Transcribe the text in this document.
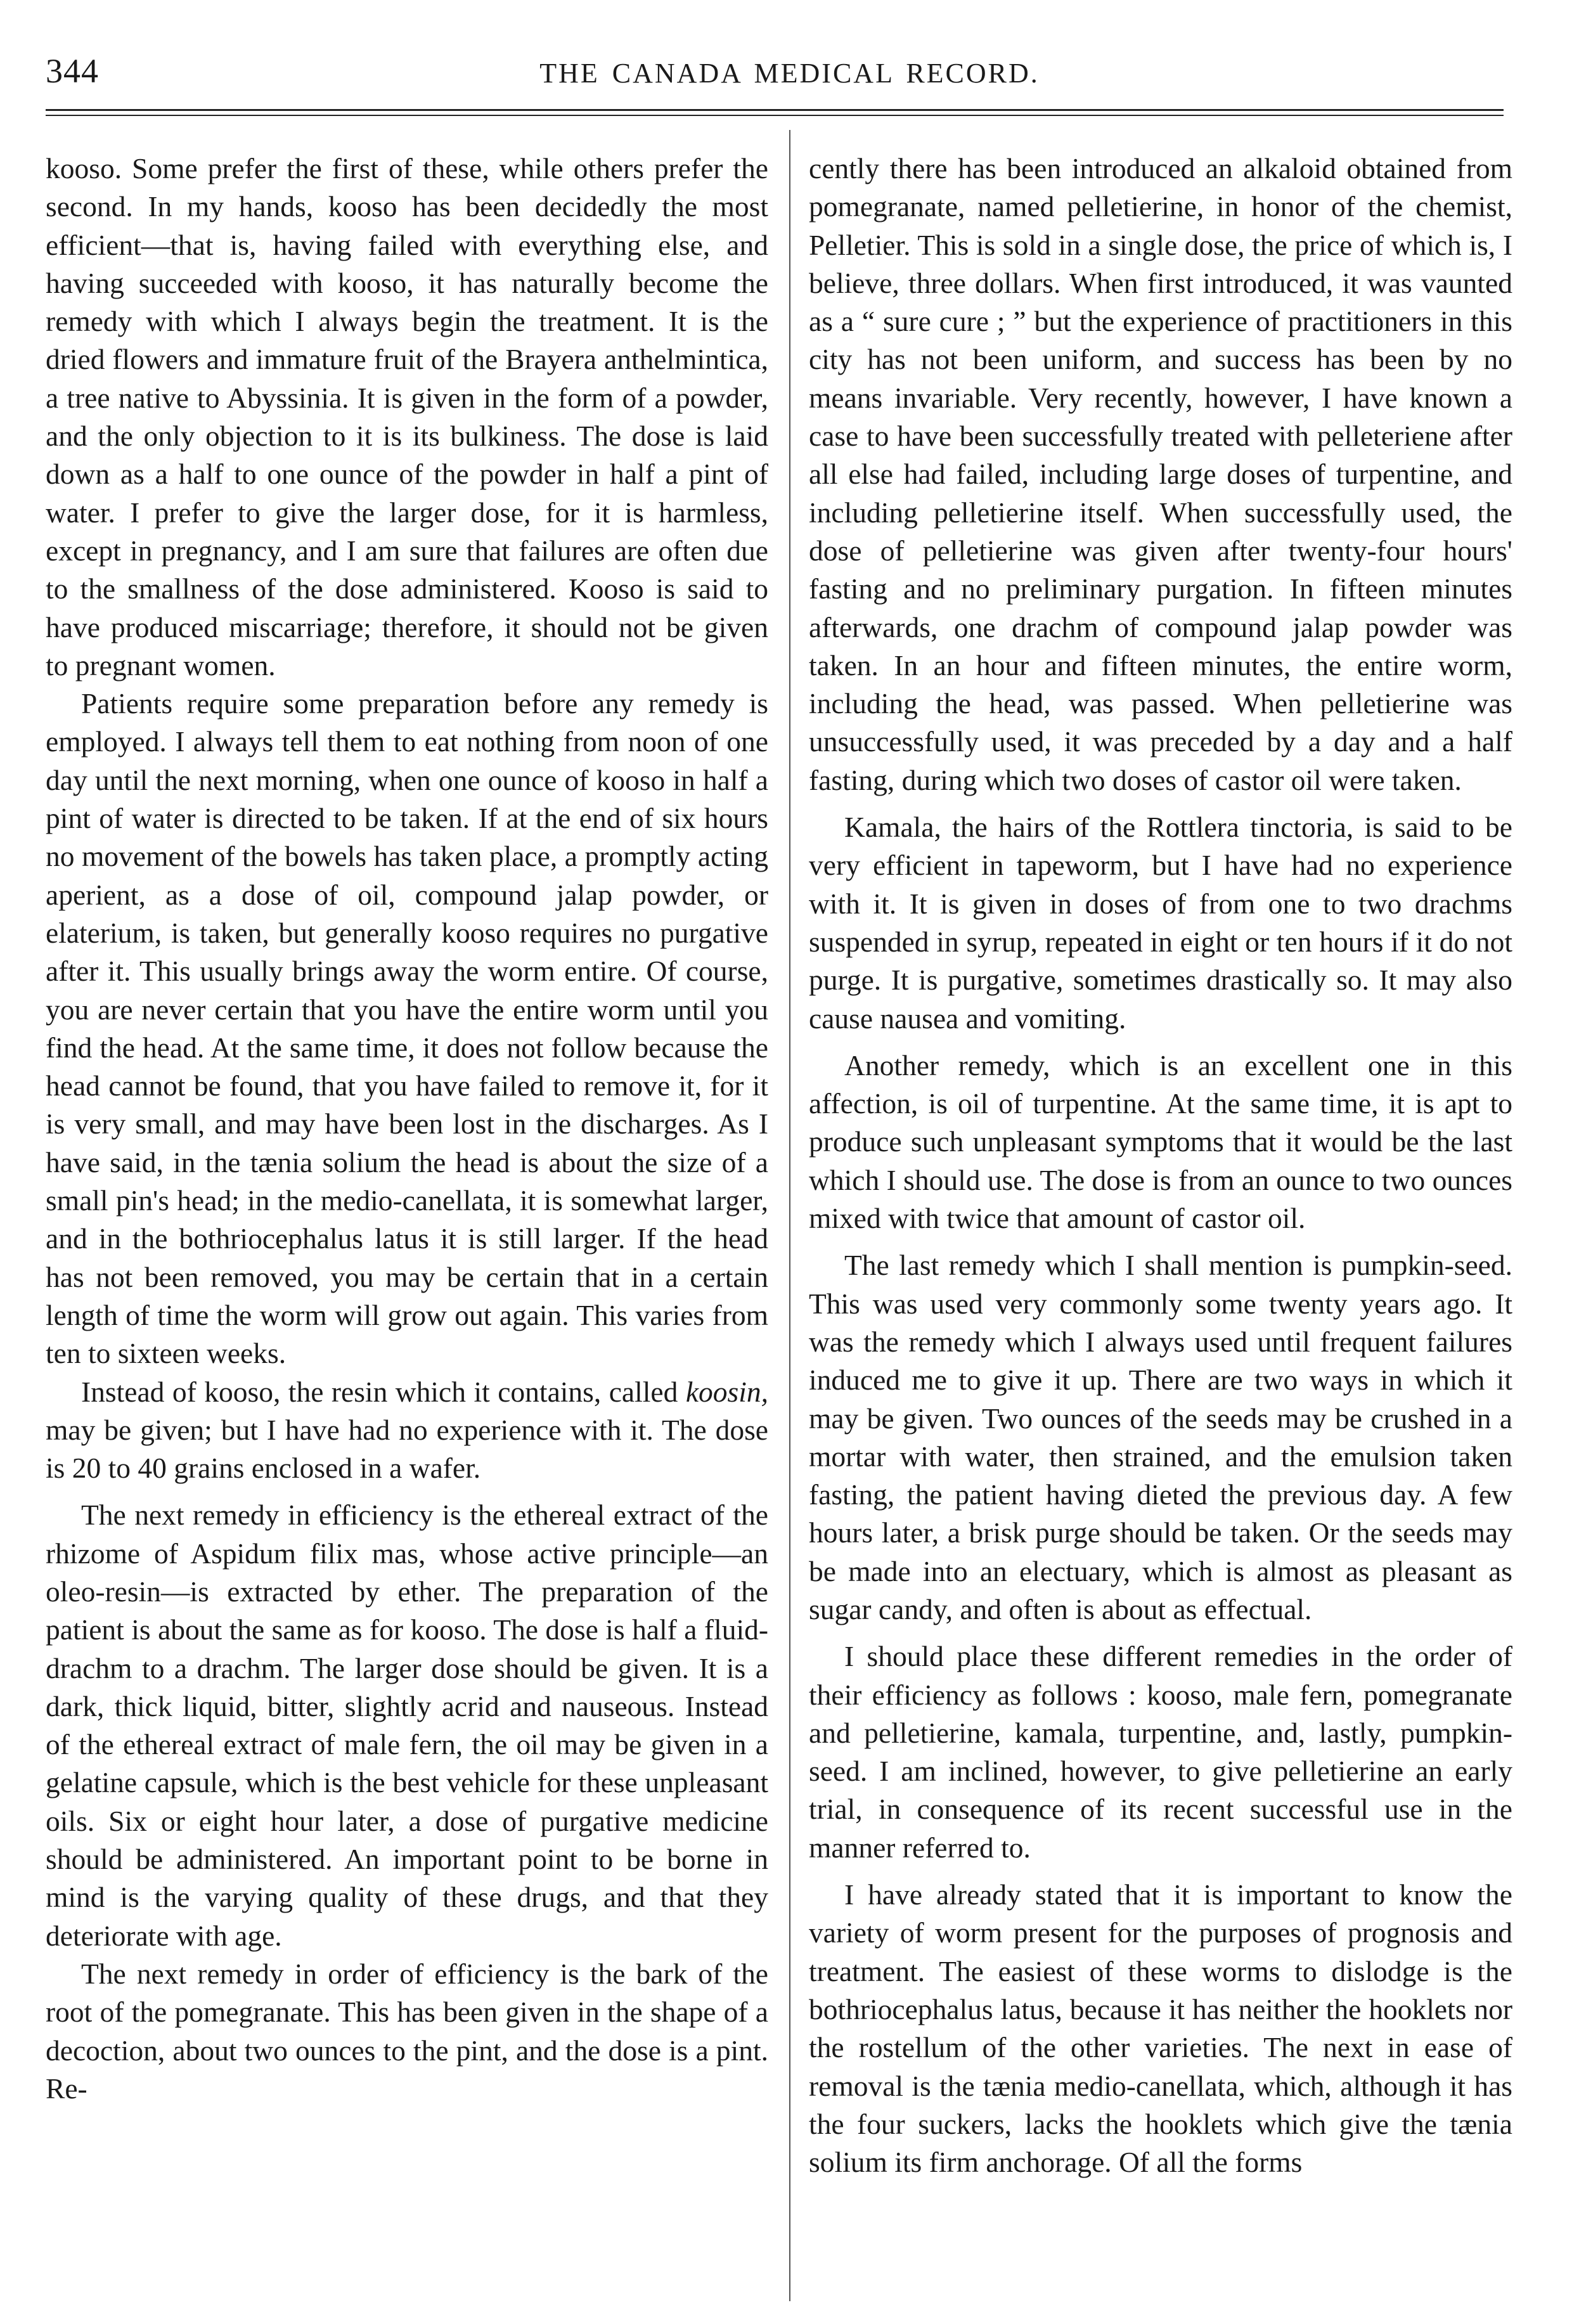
344	THE CANADA MEDICAL RECORD.

kooso. Some prefer the first of these, while others prefer the second. In my hands, kooso has been decidedly the most efficient—that is, having failed with everything else, and having succeeded with kooso, it has naturally become the remedy with which I always begin the treatment. It is the dried flowers and immature fruit of the Brayera anthelmintica, a tree native to Abyssinia. It is given in the form of a powder, and the only objection to it is its bulkiness. The dose is laid down as a half to one ounce of the powder in half a pint of water. I prefer to give the larger dose, for it is harmless, except in pregnancy, and I am sure that failures are often due to the smallness of the dose administered. Kooso is said to have produced miscarriage; therefore, it should not be given to pregnant women.

Patients require some preparation before any remedy is employed. I always tell them to eat nothing from noon of one day until the next morning, when one ounce of kooso in half a pint of water is directed to be taken. If at the end of six hours no movement of the bowels has taken place, a promptly acting aperient, as a dose of oil, compound jalap powder, or elaterium, is taken, but generally kooso requires no purgative after it. This usually brings away the worm entire. Of course, you are never certain that you have the entire worm until you find the head. At the same time, it does not follow because the head cannot be found, that you have failed to remove it, for it is very small, and may have been lost in the discharges. As I have said, in the tænia solium the head is about the size of a small pin's head; in the medio-canellata, it is somewhat larger, and in the bothriocephalus latus it is still larger. If the head has not been removed, you may be certain that in a certain length of time the worm will grow out again. This varies from ten to sixteen weeks.

Instead of kooso, the resin which it contains, called koosin, may be given; but I have had no experience with it. The dose is 20 to 40 grains enclosed in a wafer.

The next remedy in efficiency is the ethereal extract of the rhizome of Aspidum filix mas, whose active principle—an oleo-resin—is extracted by ether. The preparation of the patient is about the same as for kooso. The dose is half a fluid-drachm to a drachm. The larger dose should be given. It is a dark, thick liquid, bitter, slightly acrid and nauseous. Instead of the ethereal extract of male fern, the oil may be given in a gelatine capsule, which is the best vehicle for these unpleasant oils. Six or eight hour later, a dose of purgative medicine should be administered. An important point to be borne in mind is the varying quality of these drugs, and that they deteriorate with age.

The next remedy in order of efficiency is the bark of the root of the pomegranate. This has been given in the shape of a decoction, about two ounces to the pint, and the dose is a pint. Re-

cently there has been introduced an alkaloid obtained from pomegranate, named pelletierine, in honor of the chemist, Pelletier. This is sold in a single dose, the price of which is, I believe, three dollars. When first introduced, it was vaunted as a “ sure cure ; ” but the experience of practitioners in this city has not been uniform, and success has been by no means invariable. Very recently, however, I have known a case to have been successfully treated with pelleteriene after all else had failed, including large doses of turpentine, and including pelletierine itself. When successfully used, the dose of pelletierine was given after twenty-four hours' fasting and no preliminary purgation. In fifteen minutes afterwards, one drachm of compound jalap powder was taken. In an hour and fifteen minutes, the entire worm, including the head, was passed. When pelletierine was unsuccessfully used, it was preceded by a day and a half fasting, during which two doses of castor oil were taken.

Kamala, the hairs of the Rottlera tinctoria, is said to be very efficient in tapeworm, but I have had no experience with it. It is given in doses of from one to two drachms suspended in syrup, repeated in eight or ten hours if it do not purge. It is purgative, sometimes drastically so. It may also cause nausea and vomiting.

Another remedy, which is an excellent one in this affection, is oil of turpentine. At the same time, it is apt to produce such unpleasant symptoms that it would be the last which I should use. The dose is from an ounce to two ounces mixed with twice that amount of castor oil.

The last remedy which I shall mention is pumpkin-seed. This was used very commonly some twenty years ago. It was the remedy which I always used until frequent failures induced me to give it up. There are two ways in which it may be given. Two ounces of the seeds may be crushed in a mortar with water, then strained, and the emulsion taken fasting, the patient having dieted the previous day. A few hours later, a brisk purge should be taken. Or the seeds may be made into an electuary, which is almost as pleasant as sugar candy, and often is about as effectual.

I should place these different remedies in the order of their efficiency as follows : kooso, male fern, pomegranate and pelletierine, kamala, turpentine, and, lastly, pumpkin-seed. I am inclined, however, to give pelletierine an early trial, in consequence of its recent successful use in the manner referred to.

I have already stated that it is important to know the variety of worm present for the purposes of prognosis and treatment. The easiest of these worms to dislodge is the bothriocephalus latus, because it has neither the hooklets nor the rostellum of the other varieties. The next in ease of removal is the tænia medio-canellata, which, although it has the four suckers, lacks the hooklets which give the tænia solium its firm anchorage. Of all the forms
